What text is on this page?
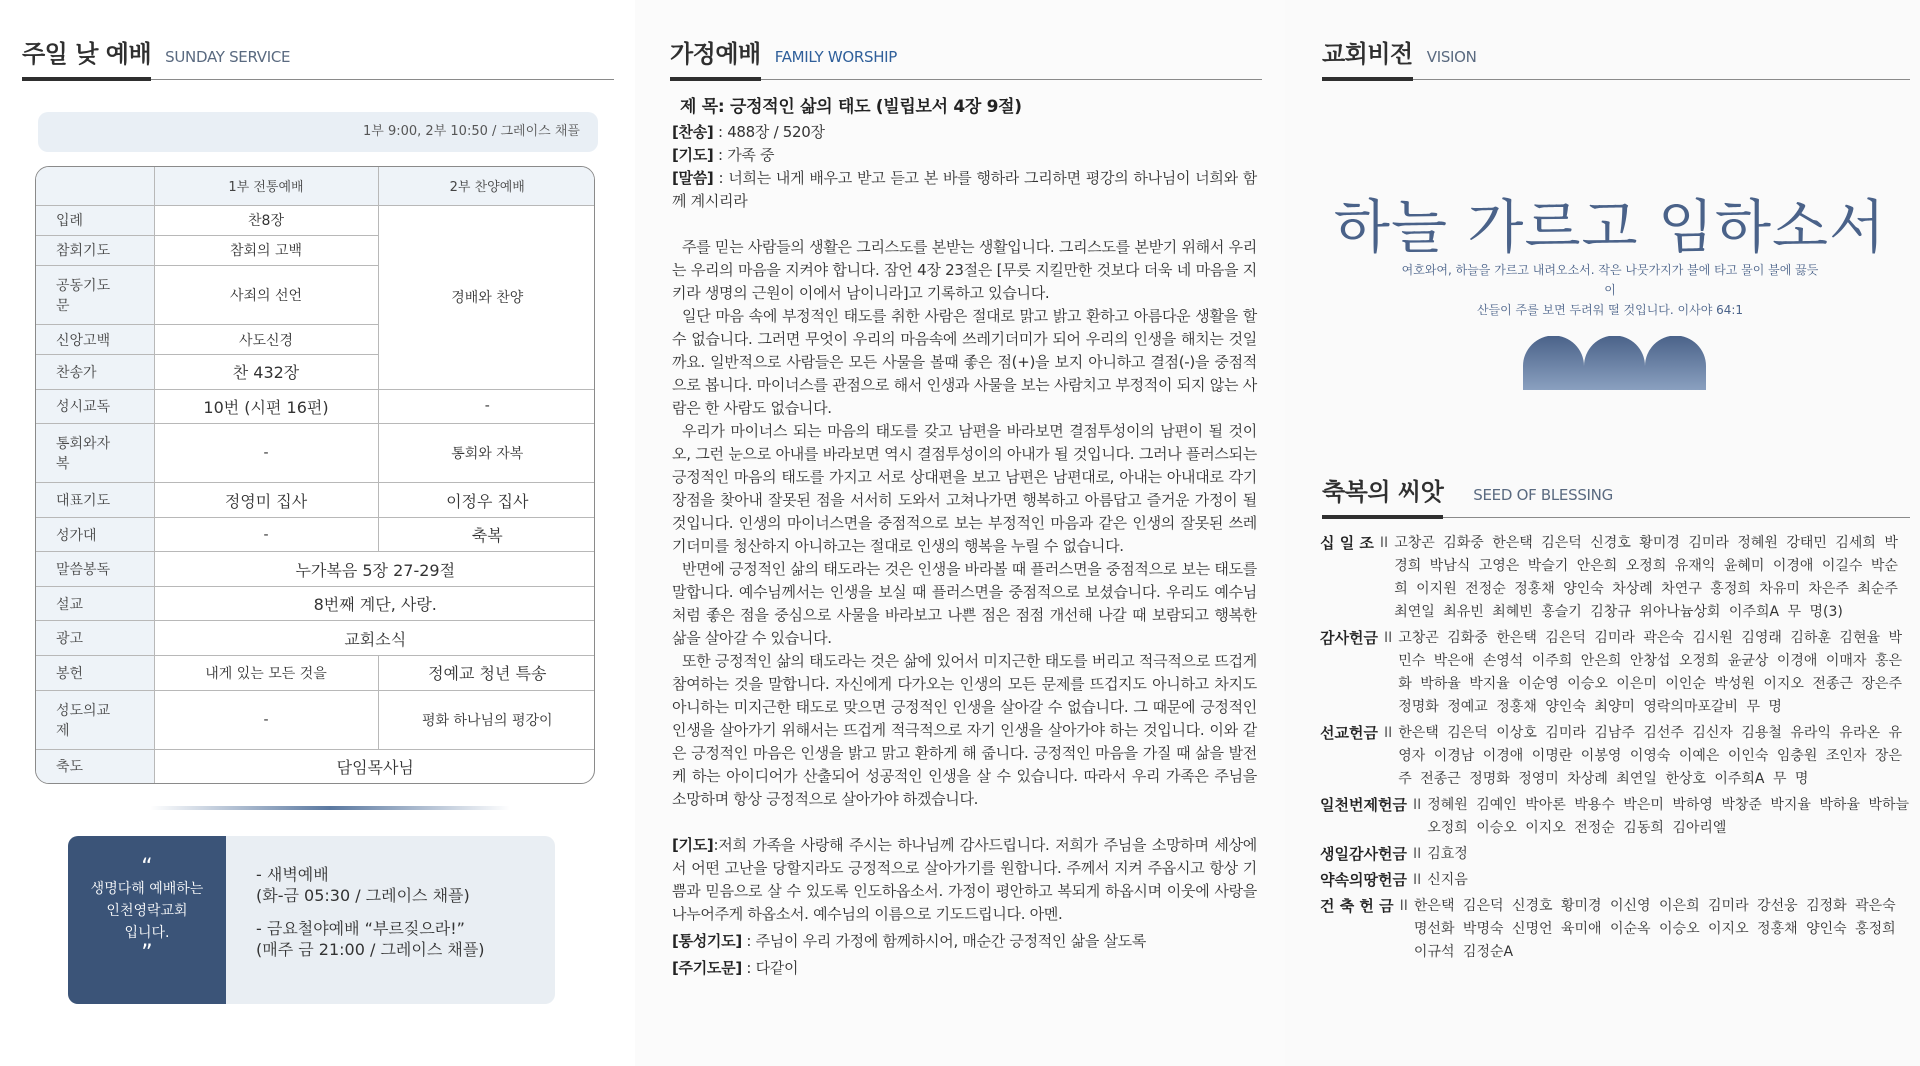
주일 낮 예배 SUNDAY SERVICE
1부 9:00, 2부 10:50 / 그레이스 채플
	1부 전통예배	2부 찬양예배
입례	찬8장	경배와 찬양
참회기도	참회의 고백	
공동기도문	사죄의 선언	
신앙고백	사도신경	
찬송가	찬 432장	
성시교독	10번 (시편 16편)	-
통회와자복	-	통회와 자복
대표기도	정영미 집사	이정우 집사
성가대	-	축복
말씀봉독	누가복음 5장 27-29절	
설교	8번째 계단, 사랑.	
광고	교회소식	
봉헌	내게 있는 모든 것을	정예교 청년 특송
성도의교제	-	평화 하나님의 평강이
축도	담임목사님	
“
생명다해 예배하는
인천영락교회
입니다.
”
- 새벽예배
(화-금 05:30 / 그레이스 채플)
- 금요철야예배 “부르짖으라!”
(매주 금 21:00 / 그레이스 채플)
가정예배 FAMILY WORSHIP
제 목: 긍정적인 삶의 태도 (빌립보서 4장 9절)
[찬송] : 488장 / 520장
[기도] : 가족 중

[말씀] : 너희는 내게 배우고 받고 듣고 본 바를 행하라 그리하면 평강의 하나님이 너희와 함께 계시리라

주를 믿는 사람들의 생활은 그리스도를 본받는 생활입니다. 그리스도를 본받기 위해서 우리는 우리의 마음을 지켜야 합니다. 잠언 4장 23절은 [무릇 지킬만한 것보다 더욱 네 마음을 지키라 생명의 근원이 이에서 남이니라]고 기록하고 있습니다.

일단 마음 속에 부정적인 태도를 취한 사람은 절대로 맑고 밝고 환하고 아름다운 생활을 할 수 없습니다. 그러면 무엇이 우리의 마음속에 쓰레기더미가 되어 우리의 인생을 해치는 것일까요. 일반적으로 사람들은 모든 사물을 볼때 좋은 점(+)을 보지 아니하고 결점(-)을 중점적으로 봅니다. 마이너스를 관점으로 해서 인생과 사물을 보는 사람치고 부정적이 되지 않는 사람은 한 사람도 없습니다.

우리가 마이너스 되는 마음의 태도를 갖고 남편을 바라보면 결점투성이의 남편이 될 것이오, 그런 눈으로 아내를 바라보면 역시 결점투성이의 아내가 될 것입니다. 그러나 플러스되는 긍정적인 마음의 태도를 가지고 서로 상대편을 보고 남편은 남편대로, 아내는 아내대로 각기 장점을 찾아내 잘못된 점을 서서히 도와서 고쳐나가면 행복하고 아름답고 즐거운 가정이 될 것입니다. 인생의 마이너스면을 중점적으로 보는 부정적인 마음과 같은 인생의 잘못된 쓰레기더미를 청산하지 아니하고는 절대로 인생의 행복을 누릴 수 없습니다.

반면에 긍정적인 삶의 태도라는 것은 인생을 바라볼 때 플러스면을 중점적으로 보는 태도를 말합니다. 예수님께서는 인생을 보실 때 플러스면을 중점적으로 보셨습니다. 우리도 예수님처럼 좋은 점을 중심으로 사물을 바라보고 나쁜 점은 점점 개선해 나갈 때 보람되고 행복한 삶을 살아갈 수 있습니다.

또한 긍정적인 삶의 태도라는 것은 삶에 있어서 미지근한 태도를 버리고 적극적으로 뜨겁게 참여하는 것을 말합니다. 자신에게 다가오는 인생의 모든 문제를 뜨겁지도 아니하고 차지도 아니하는 미지근한 태도로 맞으면 긍정적인 인생을 살아갈 수 없습니다. 그 때문에 긍정적인 인생을 살아가기 위해서는 뜨겁게 적극적으로 자기 인생을 살아가야 하는 것입니다. 이와 같은 긍정적인 마음은 인생을 밝고 맑고 환하게 해 줍니다. 긍정적인 마음을 가질 때 삶을 발전케 하는 아이디어가 산출되어 성공적인 인생을 살 수 있습니다. 따라서 우리 가족은 주님을 소망하며 항상 긍정적으로 살아가야 하겠습니다.

[기도]:저희 가족을 사랑해 주시는 하나님께 감사드립니다. 저희가 주님을 소망하며 세상에서 어떤 고난을 당할지라도 긍정적으로 살아가기를 원합니다. 주께서 지켜 주옵시고 항상 기쁨과 믿음으로 살 수 있도록 인도하옵소서. 가정이 평안하고 복되게 하옵시며 이웃에 사랑을 나누어주게 하옵소서. 예수님의 이름으로 기도드립니다. 아멘.

[통성기도] : 주님이 우리 가정에 함께하시어, 매순간 긍정적인 삶을 살도록

[주기도문] : 다같이

교회비전 VISION
하늘 가르고 임하소서
여호와여, 하늘을 가르고 내려오소서. 작은 나뭇가지가 불에 타고 물이 불에 끓듯이
산들이 주를 보면 두려워 떨 것입니다. 이사야 64:1
축복의 씨앗 SEED OF BLESSING
십 일 조 II 고창곤 김화중 한은택 김은덕 신경호 황미경 김미라 정혜원 강태민 김세희 박경희 박남식 고영은 박슬기 안은희 오정희 유재익 윤혜미 이경애 이길수 박순희 이지원 전정순 정홍채 양인숙 차상례 차연구 홍정희 차유미 차은주 최순주 최연일 최유빈 최혜빈 홍슬기 김창규 위아나늄상회 이주희A 무 명(3)
감사헌금 II 고창곤 김화중 한은택 김은덕 김미라 곽은숙 김시원 김영래 김하훈 김현율 박민수 박은애 손영석 이주희 안은희 안창섭 오정희 윤균상 이경애 이매자 홍은화 박하율 박지율 이순영 이승오 이은미 이인순 박성원 이지오 전종근 장은주 정명화 정예교 정홍채 양인숙 최양미 영락의마포갈비 무 명
선교헌금 II 한은택 김은덕 이상호 김미라 김남주 김선주 김신자 김용철 유라익 유라온 유영자 이경남 이경애 이명란 이봉영 이영숙 이예은 이인숙 임충원 조인자 장은주 전종근 정명화 정영미 차상례 최연일 한상호 이주희A 무 명
일천번제헌금 II 정혜원 김예인 박아론 박용수 박은미 박하영 박창준 박지율 박하율 박하늘 오정희 이승오 이지오 전정순 김동희 김아리엘
생일감사헌금 II 김효정
약속의땅헌금 II 신지음
건 축 헌 금 II 한은택 김은덕 신경호 황미경 이신영 이은희 김미라 강선웅 김정화 곽은숙 명선화 박명숙 신명언 육미애 이순옥 이승오 이지오 정홍채 양인숙 홍정희 이규석 김정순A
